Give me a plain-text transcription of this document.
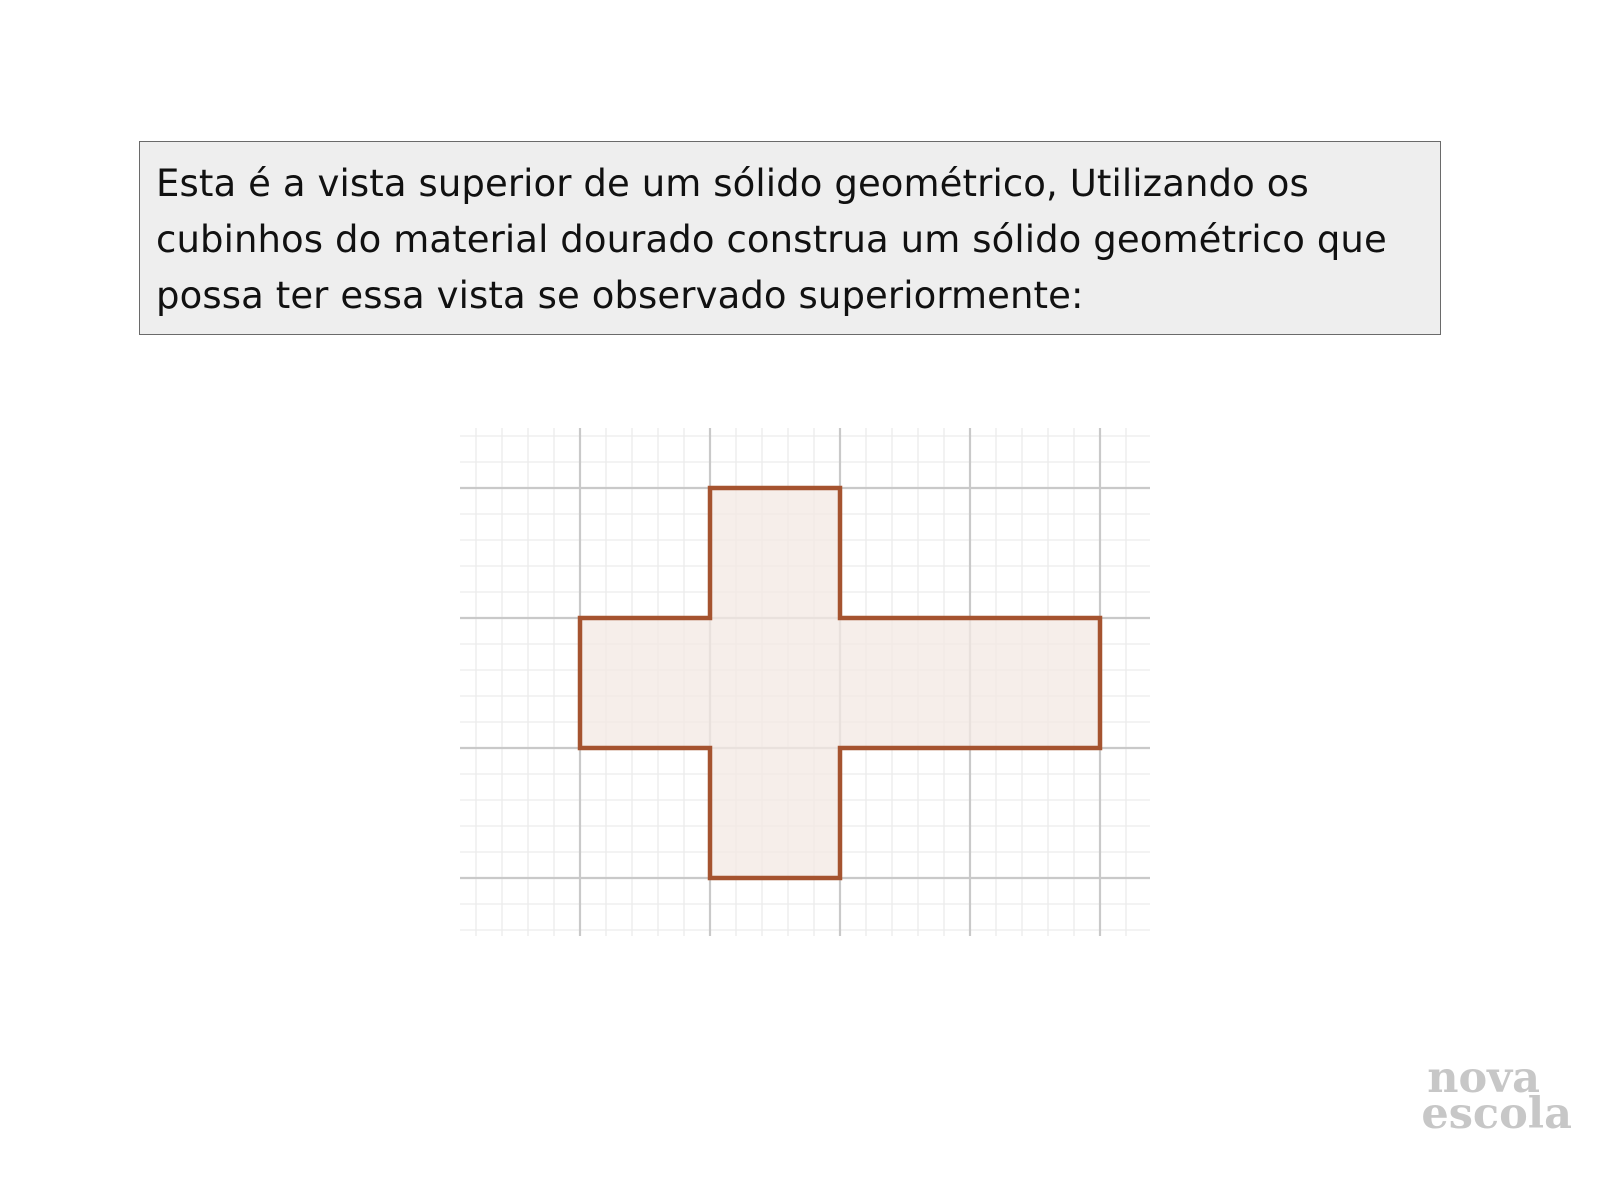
Esta é a vista superior de um sólido geométrico, Utilizando os cubinhos do material dourado construa um sólido geométrico que possa ter essa vista se observado superiormente:
nova
escola
